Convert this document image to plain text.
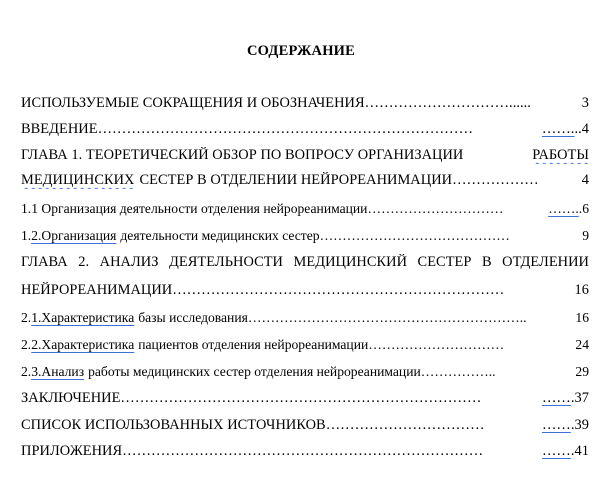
СОДЕРЖАНИЕ
ИСПОЛЬЗУЕМЫЕ СОКРАЩЕНИЯ И ОБОЗНАЧЕНИЯ …………………………......	3
ВВЕДЕНИЕ ……………………………………………………………………	……. .. 4
ГЛАВА 1. ТЕОРЕТИЧЕСКИЙ ОБЗОР ПО ВОПРОСУ ОРГАНИЗАЦИИ	РАБОТЫ
МЕДИЦИНСКИХ СЕСТЕР В ОТДЕЛЕНИИ НЕЙРОРЕАНИМАЦИИ ………………	4
1.1 Организация деятельности отделения нейрореанимации …………………………	……. . 6
1. 2.Организация деятельности медицинских сестер ……………………………………	9
ГЛАВА 2. АНАЛИЗ ДЕЯТЕЛЬНОСТИ МЕДИЦИНСКИЙ СЕСТЕР В ОТДЕЛЕНИИ
НЕЙРОРЕАНИМАЦИИ ……………………………………………………………	16
2. 1.Характеристика базы исследования ……………………………………………………..	16
2. 2.Характеристика пациентов отделения нейрореанимации …………………………	24
2. 3.Анализ работы медицинских сестер отделения нейрореанимации ……………..	29
ЗАКЛЮЧЕНИЕ …………………………………………………………………	…… . 37
СПИСОК ИСПОЛЬЗОВАННЫХ ИСТОЧНИКОВ ……………………………	…… . 39
ПРИЛОЖЕНИЯ …………………………………………………………………	…… . 41
